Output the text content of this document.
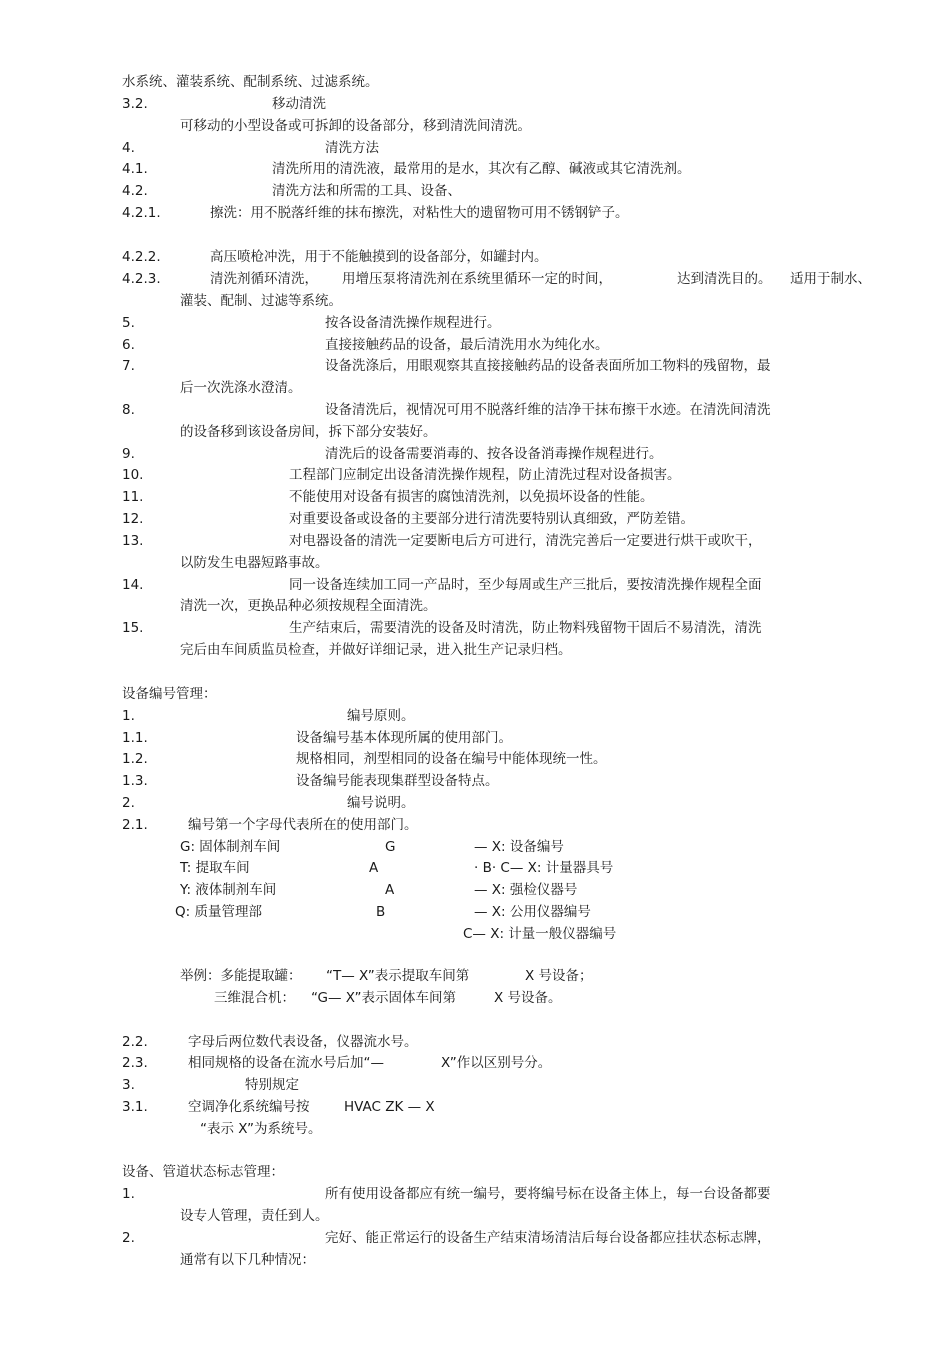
水系统、灌装系统、配制系统、过滤系统。
3.2.	移动清洗
可移动的小型设备或可拆卸的设备部分，移到清洗间清洗。
4.	清洗方法
4.1.	清洗所用的清洗液，最常用的是水，其次有乙醇、碱液或其它清洗剂。
4.2.	清洗方法和所需的工具、设备、
4.2.1.	擦洗：用不脱落纤维的抹布擦洗，对粘性大的遗留物可用不锈钢铲子。
4.2.2.	高压喷枪冲洗，用于不能触摸到的设备部分，如罐封内。
4.2.3.	清洗剂循环清洗， 用增压泵将清洗剂在系统里循环一定的时间，	达到清洗目的。 适用于制水、
灌装、配制、过滤等系统。
5.	按各设备清洗操作规程进行。
6.	直接接触药品的设备，最后清洗用水为纯化水。
7.	设备洗涤后，用眼观察其直接接触药品的设备表面所加工物料的残留物，最
后一次洗涤水澄清。
8.	设备清洗后，视情况可用不脱落纤维的洁净干抹布擦干水迹。在清洗间清洗
的设备移到该设备房间，拆下部分安装好。
9.	清洗后的设备需要消毒的、按各设备消毒操作规程进行。
10.	工程部门应制定出设备清洗操作规程，防止清洗过程对设备损害。
11.	不能使用对设备有损害的腐蚀清洗剂，以免损坏设备的性能。
12.	对重要设备或设备的主要部分进行清洗要特别认真细致，严防差错。
13.	对电器设备的清洗一定要断电后方可进行，清洗完善后一定要进行烘干或吹干，
以防发生电器短路事故。
14.	同一设备连续加工同一产品时，至少每周或生产三批后，要按清洗操作规程全面
清洗一次，更换品种必须按规程全面清洗。
15.	生产结束后，需要清洗的设备及时清洗，防止物料残留物干固后不易清洗，清洗
完后由车间质监员检查，并做好详细记录，进入批生产记录归档。
设备编号管理：
1.	编号原则。
1.1.	设备编号基本体现所属的使用部门。
1.2.	规格相同，剂型相同的设备在编号中能体现统一性。
1.3.	设备编号能表现集群型设备特点。
2.	编号说明。
2.1.	编号第一个字母代表所在的使用部门。
G: 固体制剂车间	G	— X: 设备编号
T: 提取车间	A	· B· C— X: 计量器具号
Y: 液体制剂车间	A	— X: 强检仪器号
Q: 质量管理部	B	— X: 公用仪器编号
C— X: 计量一般仪器编号
举例：多能提取罐： “T— X”表示提取车间第	X 号设备；
三维混合机： “G— X”表示固体车间第	X 号设备。
2.2.	字母后两位数代表设备，仪器流水号。
2.3.	相同规格的设备在流水号后加“—	X”作以区别号分。
3.	特别规定
3.1.	空调净化系统编号按	HVAC ZK — X
“表示 X”为系统号。
设备、管道状态标志管理：
1.	所有使用设备都应有统一编号，要将编号标在设备主体上，每一台设备都要
设专人管理，责任到人。
2.	完好、能正常运行的设备生产结束清场清洁后每台设备都应挂状态标志牌，
通常有以下几种情况：
